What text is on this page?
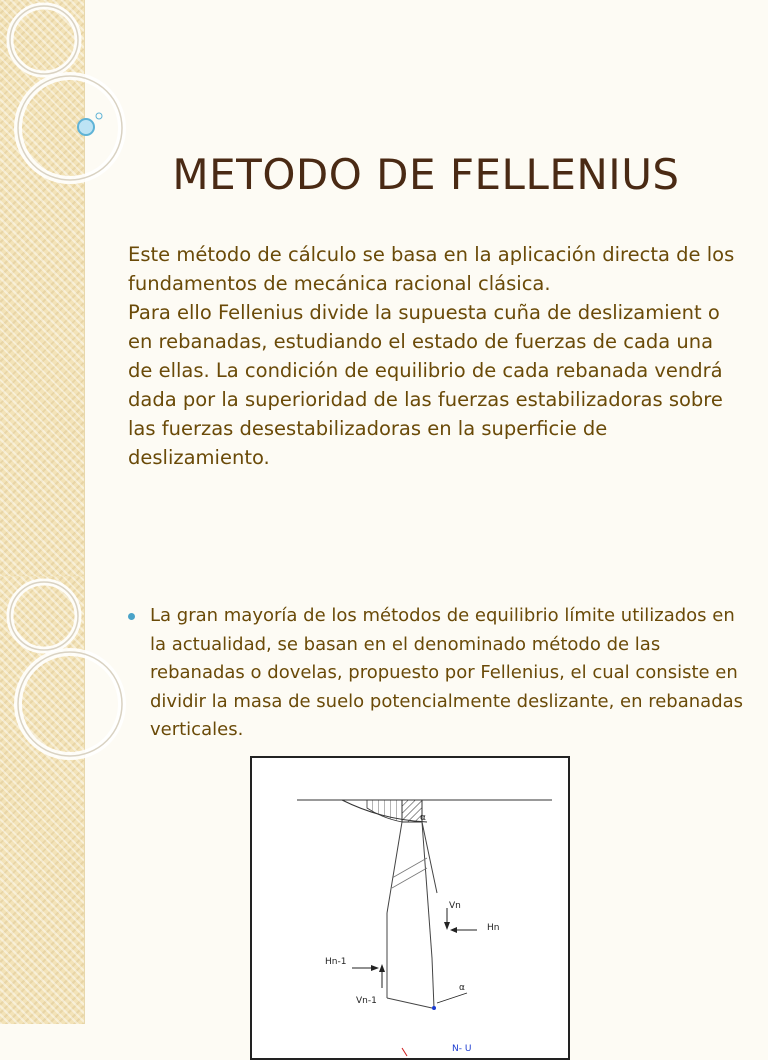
METODO DE FELLENIUS

Este método de cálculo se basa en la aplicación directa de los fundamentos de mecánica racional clásica.

Para ello Fellenius divide la supuesta cuña de deslizamient o en rebanadas, estudiando el estado de fuerzas de cada una de ellas. La condición de equilibrio de cada rebanada vendrá dada por la superioridad de las fuerzas estabilizadoras sobre las fuerzas desestabilizadoras en la superficie de deslizamiento.

La gran mayoría de los métodos de equilibrio límite utilizados en la actualidad, se basan en el denominado método de las rebanadas o dovelas, propuesto por Fellenius, el cual consiste en dividir la masa de suelo potencialmente deslizante, en rebanadas verticales.
α
Vn
Hn
Hn-1
Vn-1
α
N- U
